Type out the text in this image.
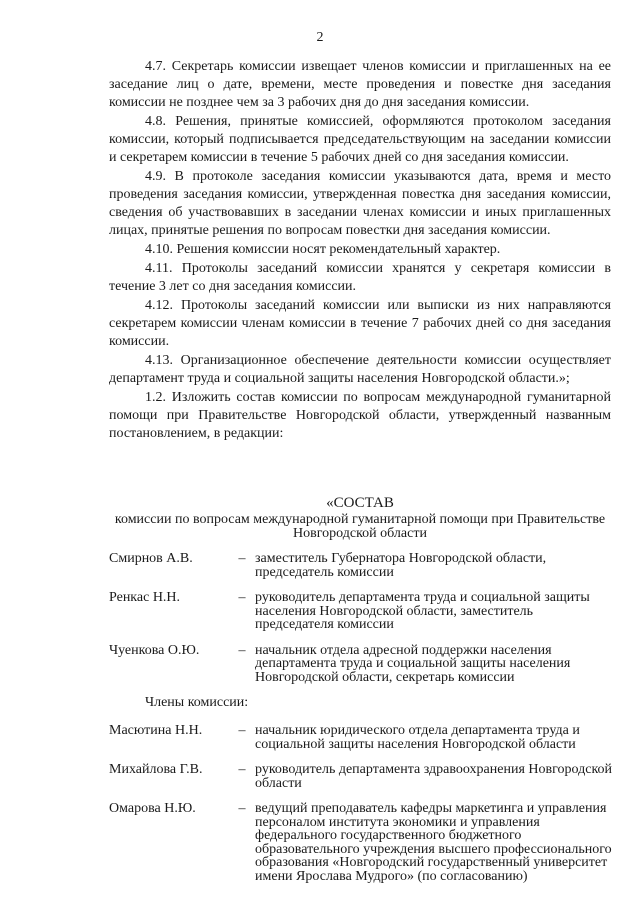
2

4.7. Секретарь комиссии извещает членов комиссии и приглашенных на ее заседание лиц о дате, времени, месте проведения и повестке дня заседания комиссии не позднее чем за 3 рабочих дня до дня заседания комиссии.

4.8. Решения, принятые комиссией, оформляются протоколом заседания комиссии, который подписывается председательствующим на заседании комиссии и секретарем комиссии в течение 5 рабочих дней со дня заседания комиссии.

4.9. В протоколе заседания комиссии указываются дата, время и место проведения заседания комиссии, утвержденная повестка дня заседания комиссии, сведения об участвовавших в заседании членах комиссии и иных приглашенных лицах, принятые решения по вопросам повестки дня заседания комиссии.

4.10. Решения комиссии носят рекомендательный характер.

4.11. Протоколы заседаний комиссии хранятся у секретаря комиссии в течение 3 лет со дня заседания комиссии.

4.12. Протоколы заседаний комиссии или выписки из них направляются секретарем комиссии членам комиссии в течение 7 рабочих дней со дня заседания комиссии.

4.13. Организационное обеспечение деятельности комиссии осуществляет департамент труда и социальной защиты населения Новгородской области.»;

1.2. Изложить состав комиссии по вопросам международной гуманитарной помощи при Правительстве Новгородской области, утвержденный названным постановлением, в редакции:

«СОСТАВ
комиссии по вопросам международной гуманитарной помощи при Правительстве Новгородской области
Смирнов А.В.	– заместитель Губернатора Новгородской области, председатель комиссии
Ренкас Н.Н.	– руководитель департамента труда и социальной защиты населения Новгородской области, заместитель председателя комиссии
Чуенкова О.Ю.	– начальник отдела адресной поддержки населения департамента труда и социальной защиты населения Новгородской области, секретарь комиссии
Члены комиссии:
Масютина Н.Н.	– начальник юридического отдела департамента труда и социальной защиты населения Новгородской области
Михайлова Г.В.	– руководитель департамента здравоохранения Новгородской области
Омарова Н.Ю.	– ведущий преподаватель кафедры маркетинга и управления персоналом института экономики и управления федерального государственного бюджетного образовательного учреждения высшего профессионального образования «Новгородский государственный университет имени Ярослава Мудрого» (по согласованию)
